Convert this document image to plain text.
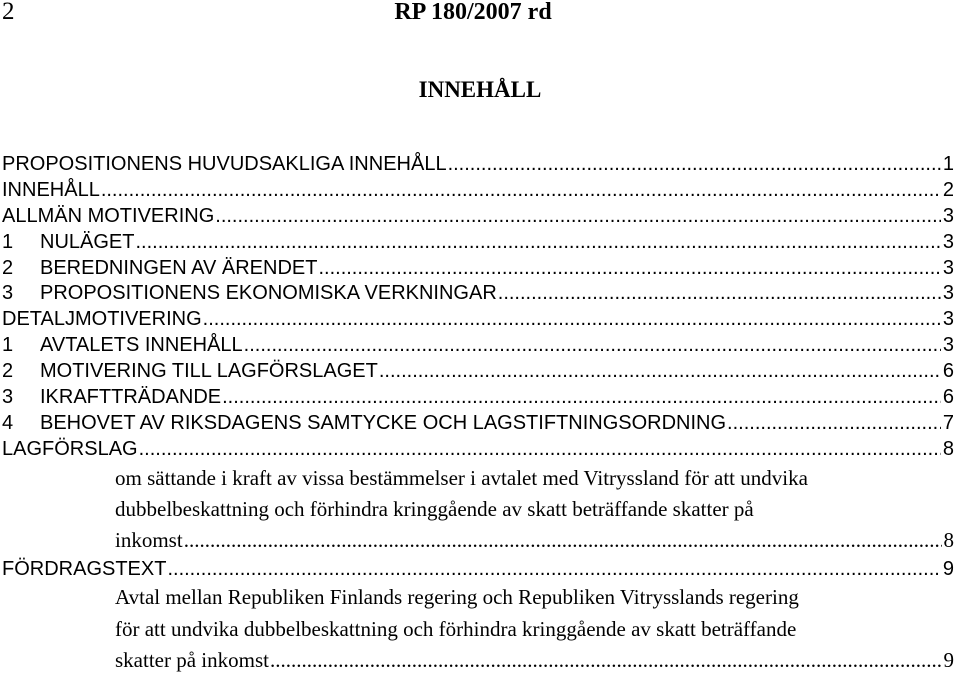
2	RP 180/2007 rd
INNEHÅLL
PROPOSITIONENS HUVUDSAKLIGA INNEHÅLL .....	1
INNEHÅLL .....	2
ALLMÄN MOTIVERING .....	3
1	NULÄGET .....	3
2	BEREDNINGEN AV ÄRENDET .....	3
3	PROPOSITIONENS EKONOMISKA VERKNINGAR .....	3
DETALJMOTIVERING .....	3
1	AVTALETS INNEHÅLL .....	3
2	MOTIVERING TILL LAGFÖRSLAGET .....	6
3	IKRAFTTRÄDANDE .....	6
4	BEHOVET AV RIKSDAGENS SAMTYCKE OCH LAGSTIFTNINGSORDNING .....	7
LAGFÖRSLAG .....	8
om sättande i kraft av vissa bestämmelser i avtalet med Vitryssland för att undvika
dubbelbeskattning och förhindra kringgående av skatt beträffande skatter på
inkomst .....	8
FÖRDRAGSTEXT .....	9
Avtal mellan Republiken Finlands regering och Republiken Vitrysslands regering
för att undvika dubbelbeskattning och förhindra kringgående av skatt beträffande
skatter på inkomst .....	9
